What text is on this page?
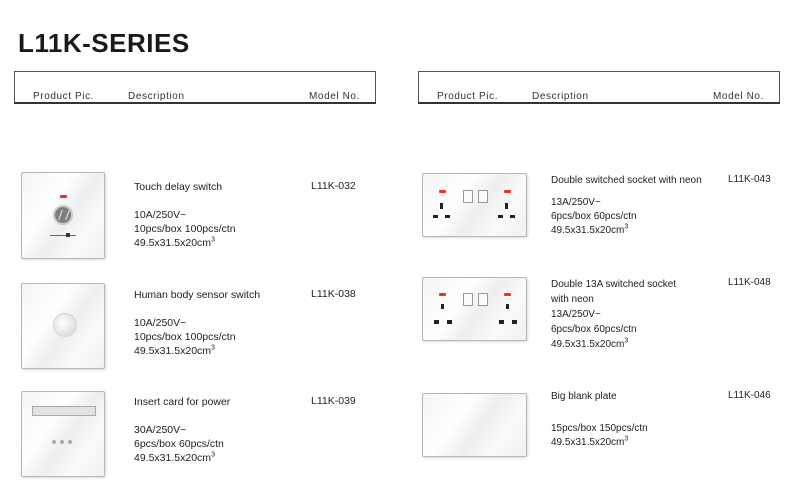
L11K-SERIES
Product Pic.	Description	Model No.	Product Pic.	Description	Model No.
Touch delay switch
10A/250V~
10pcs/box 100pcs/ctn
$49.5x31.5x20cm^3$
L11K-032
Human body sensor switch
10A/250V~
10pcs/box 100pcs/ctn
$49.5x31.5x20cm^3$
L11K-038
Insert card for power
30A/250V~
6pcs/box 60pcs/ctn
$49.5x31.5x20cm^3$
L11K-039
Double switched socket with neon
13A/250V~
6pcs/box 60pcs/ctn
$49.5x31.5x20cm^3$
L11K-043
Double 13A switched socket
with neon
13A/250V~
6pcs/box 60pcs/ctn
$49.5x31.5x20cm^3$
L11K-048
Big blank plate
15pcs/box 150pcs/ctn
$49.5x31.5x20cm^3$
L11K-046
